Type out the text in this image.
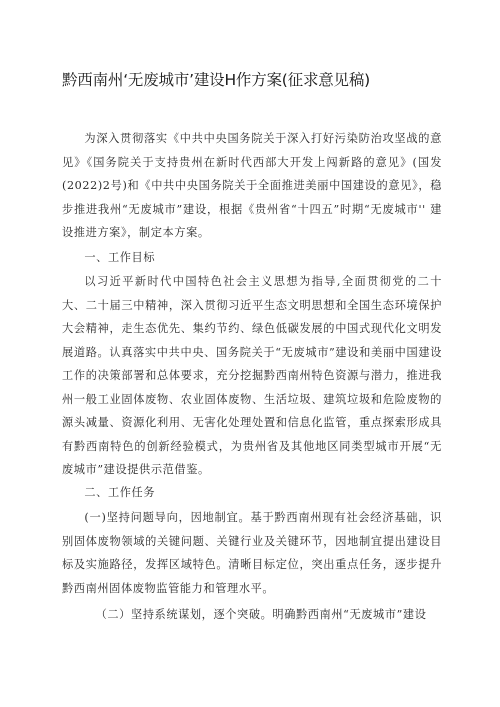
黔西南州‘无废城市’建设H作方案(征求意见稿)

为深入贯彻落实《中共中央国务院关于深入打好污染防治攻坚战的意见》《国务院关于支持贵州在新时代西部大开发上闯新路的意见》(国发(2022)2号)和《中共中央国务院关于全面推进美丽中国建设的意见》，稳步推进我州“无废城市”建设，根据《贵州省“十四五”时期“无废城市'' 建设推进方案》，制定本方案。

一、工作目标

以习近平新时代中国特色社会主义思想为指导,全面贯彻党的二十大、二十届三中精神，深入贯彻习近平生态文明思想和全国生态环境保护大会精神，走生态优先、集约节约、绿色低碳发展的中国式现代化文明发展道路。认真落实中共中央、国务院关于“无废城市”建设和美丽中国建设工作的决策部署和总体要求，充分挖掘黔西南州特色资源与潜力，推进我州一般工业固体废物、农业固体废物、生活垃圾、建筑垃圾和危险废物的源头减量、资源化利用、无害化处理处置和信息化监管，重点探索形成具有黔西南特色的创新经验模式，为贵州省及其他地区同类型城市开展“无废城市”建设提供示范借鉴。

二、工作任务

(一)坚持问题导向，因地制宜。基于黔西南州现有社会经济基础，识别固体废物领域的关键问题、关键行业及关键环节，因地制宜提出建设目标及实施路径，发挥区域特色。清晰目标定位，突出重点任务，逐步提升黔西南州固体废物监管能力和管理水平。

（二）坚持系统谋划，逐个突破。明确黔西南州“无废城市”建设
